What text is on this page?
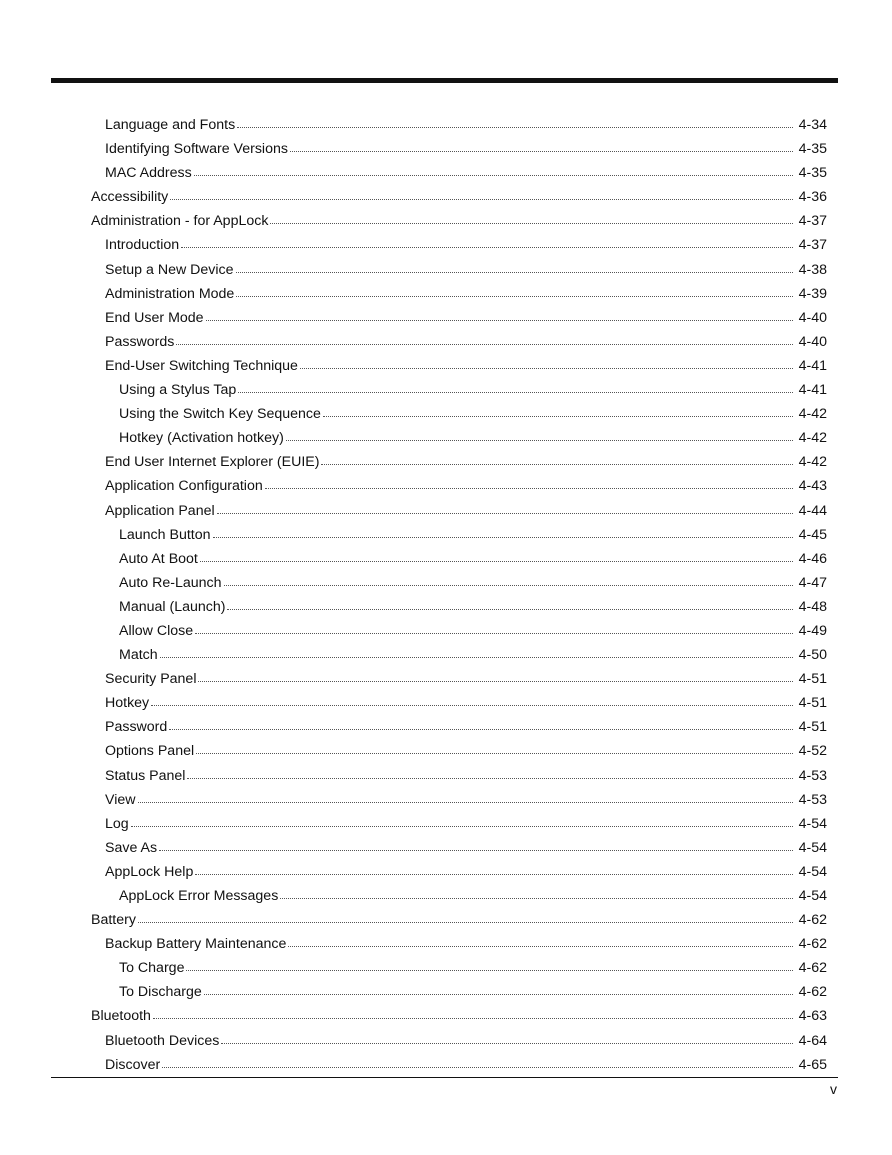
Language and Fonts	4-34
Identifying Software Versions	4-35
MAC Address	4-35
Accessibility	4-36
Administration - for AppLock	4-37
Introduction	4-37
Setup a New Device	4-38
Administration Mode	4-39
End User Mode	4-40
Passwords	4-40
End-User Switching Technique	4-41
Using a Stylus Tap	4-41
Using the Switch Key Sequence	4-42
Hotkey (Activation hotkey)	4-42
End User Internet Explorer (EUIE)	4-42
Application Configuration	4-43
Application Panel	4-44
Launch Button	4-45
Auto At Boot	4-46
Auto Re-Launch	4-47
Manual (Launch)	4-48
Allow Close	4-49
Match	4-50
Security Panel	4-51
Hotkey	4-51
Password	4-51
Options Panel	4-52
Status Panel	4-53
View	4-53
Log	4-54
Save As	4-54
AppLock Help	4-54
AppLock Error Messages	4-54
Battery	4-62
Backup Battery Maintenance	4-62
To Charge	4-62
To Discharge	4-62
Bluetooth	4-63
Bluetooth Devices	4-64
Discover	4-65
v
